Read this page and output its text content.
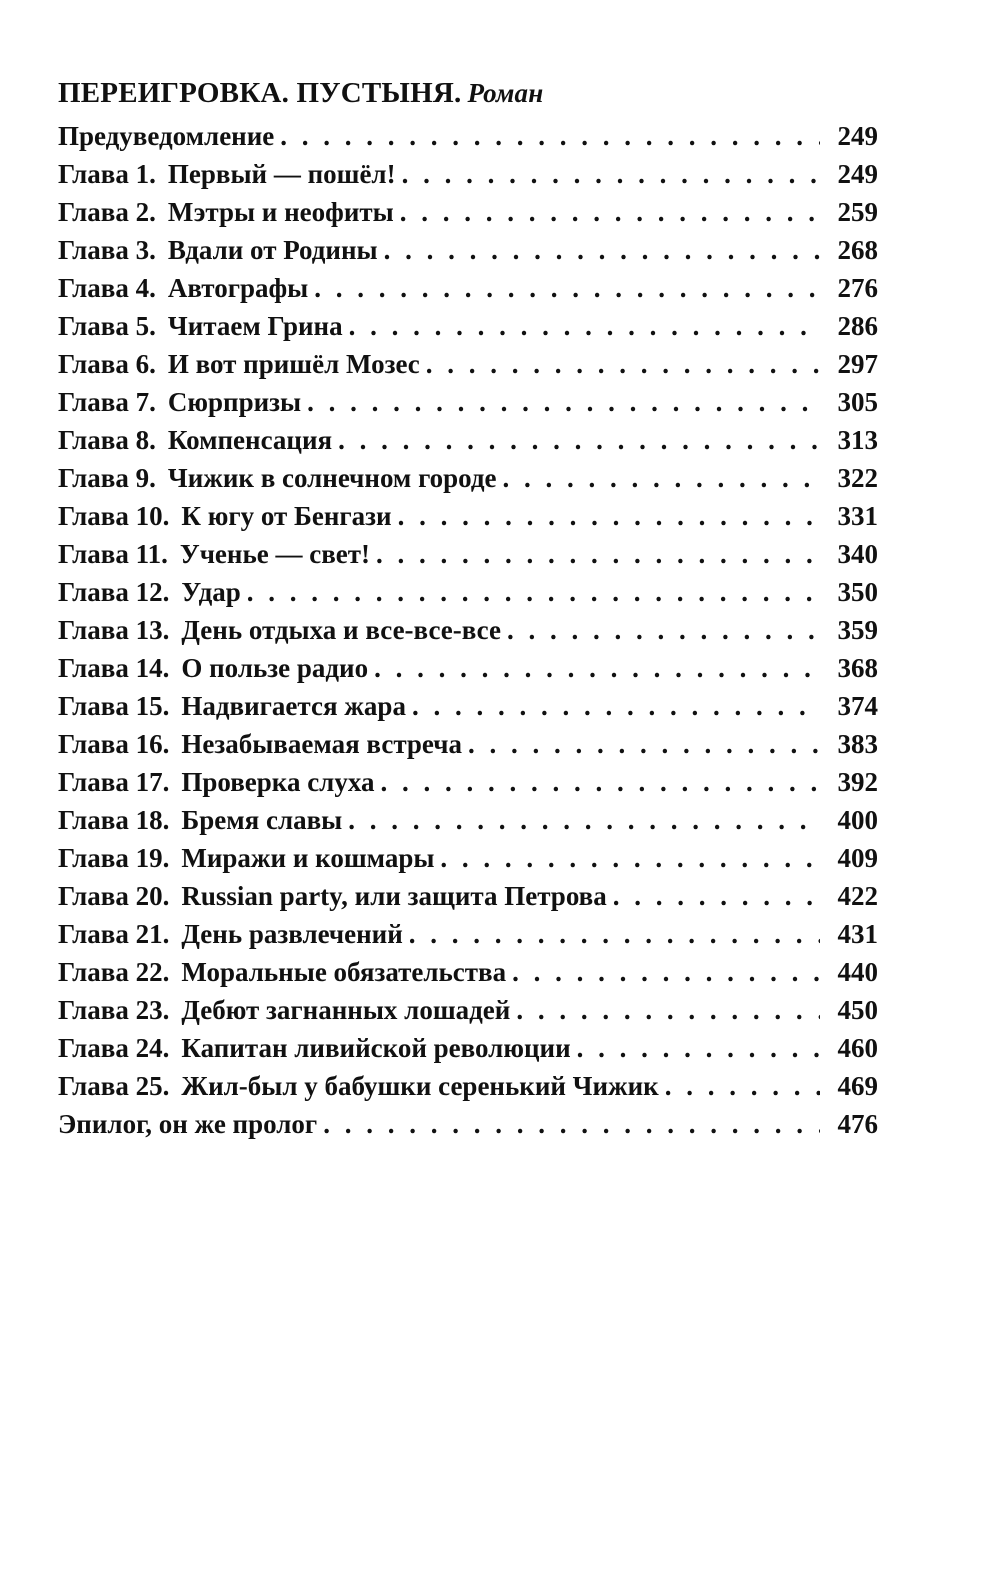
ПЕРЕИГРОВКА. ПУСТЫНЯ. Роман
Предуведомление . . .	249
Глава 1. Первый — пошёл! . . .	249
Глава 2. Мэтры и неофиты . . .	259
Глава 3. Вдали от Родины . . .	268
Глава 4. Автографы . . .	276
Глава 5. Читаем Грина . . .	286
Глава 6. И вот пришёл Мозес . . .	297
Глава 7. Сюрпризы . . .	305
Глава 8. Компенсация . . .	313
Глава 9. Чижик в солнечном городе . . .	322
Глава 10. К югу от Бенгази . . .	331
Глава 11. Ученье — свет! . . .	340
Глава 12. Удар . . .	350
Глава 13. День отдыха и все-все-все . . .	359
Глава 14. О пользе радио . . .	368
Глава 15. Надвигается жара . . .	374
Глава 16. Незабываемая встреча . . .	383
Глава 17. Проверка слуха . . .	392
Глава 18. Бремя славы . . .	400
Глава 19. Миражи и кошмары . . .	409
Глава 20. Russian party, или защита Петрова . . .	422
Глава 21. День развлечений . . .	431
Глава 22. Моральные обязательства . . .	440
Глава 23. Дебют загнанных лошадей . . .	450
Глава 24. Капитан ливийской революции . . .	460
Глава 25. Жил-был у бабушки серенький Чижик . . .	469
Эпилог, он же пролог . . .	476
